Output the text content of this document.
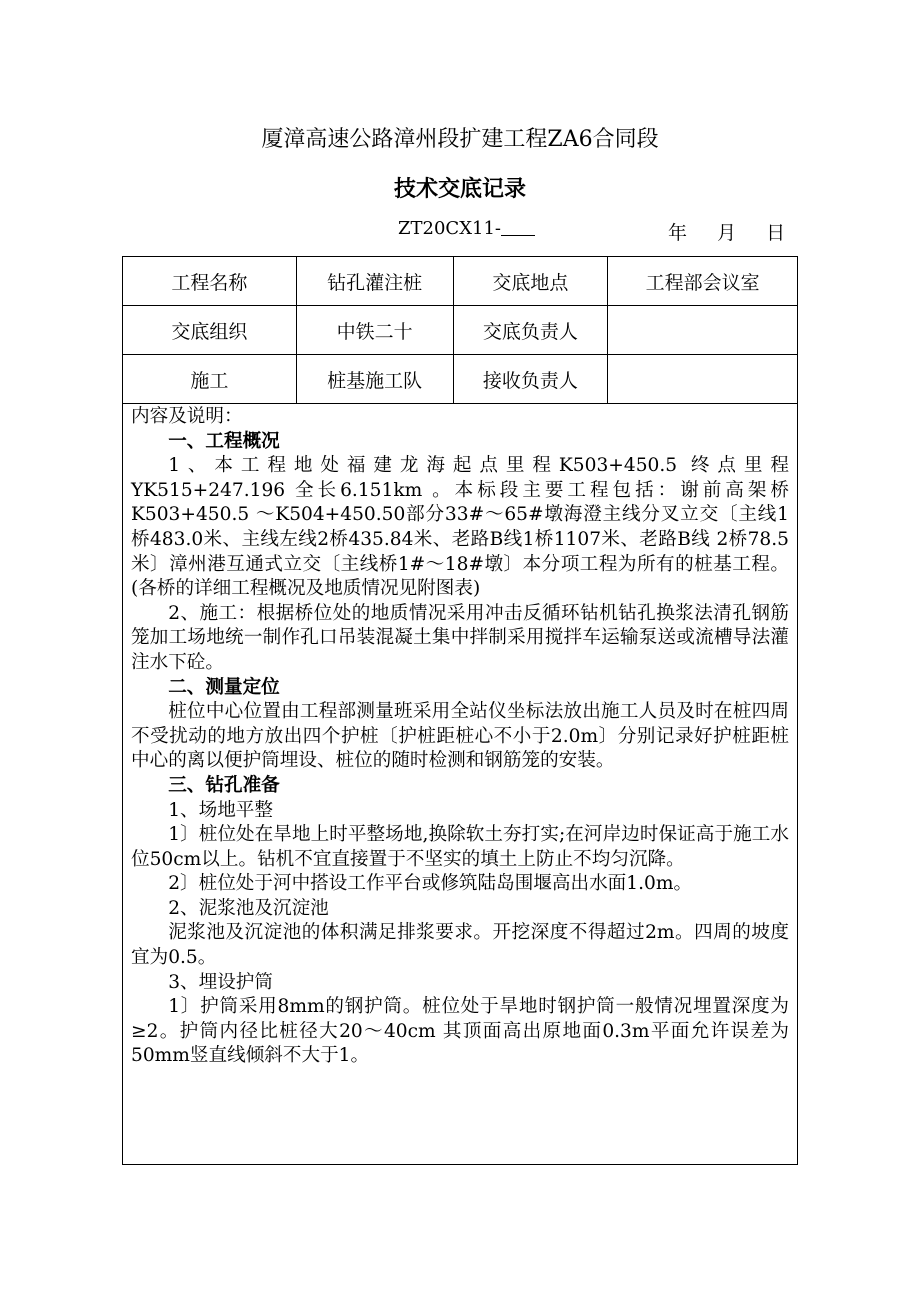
厦漳高速公路漳州段扩建工程ZA6合同段
技术交底记录
ZT20CX11-	年 月 日
工程名称	钻孔灌注桩	交底地点	工程部会议室
交底组织	中铁二十	交底负责人	
施工	桩基施工队	接收负责人	

内容及说明：

一、工程概况

1、本工程地处福建龙海起点里程K503+450.5 终点里程YK515+247.196 全长6.151km 。本标段主要工程包括：谢前高架桥K503+450.5 ～K504+450.50部分33#～65#墩海澄主线分叉立交〔主线1桥483.0米、主线左线2桥435.84米、老路B线1桥1107米、老路B线 2桥78.5米〕漳州港互通式立交〔主线桥1#～18#墩〕本分项工程为所有的桩基工程。(各桥的详细工程概况及地质情况见附图表)

2、施工：根据桥位处的地质情况采用冲击反循环钻机钻孔换浆法清孔钢筋笼加工场地统一制作孔口吊装混凝土集中拌制采用搅拌车运输泵送或流槽导法灌注水下砼。

二、测量定位

桩位中心位置由工程部测量班采用全站仪坐标法放出施工人员及时在桩四周不受扰动的地方放出四个护桩〔护桩距桩心不小于2.0m〕分别记录好护桩距桩中心的离以便护筒埋设、桩位的随时检测和钢筋笼的安装。

三、钻孔准备

1、场地平整

1〕桩位处在旱地上时平整场地,换除软土夯打实;在河岸边时保证高于施工水位50cm以上。钻机不宜直接置于不坚实的填土上防止不均匀沉降。

2〕桩位处于河中搭设工作平台或修筑陆岛围堰高出水面1.0m。

2、泥浆池及沉淀池

泥浆池及沉淀池的体积满足排浆要求。开挖深度不得超过2m。四周的坡度宜为0.5。

3、埋设护筒

1〕护筒采用8mm的钢护筒。桩位处于旱地时钢护筒一般情况埋置深度为≥2。护筒内径比桩径大20～40cm 其顶面高出原地面0.3m平面允许误差为50mm竖直线倾斜不大于1。
